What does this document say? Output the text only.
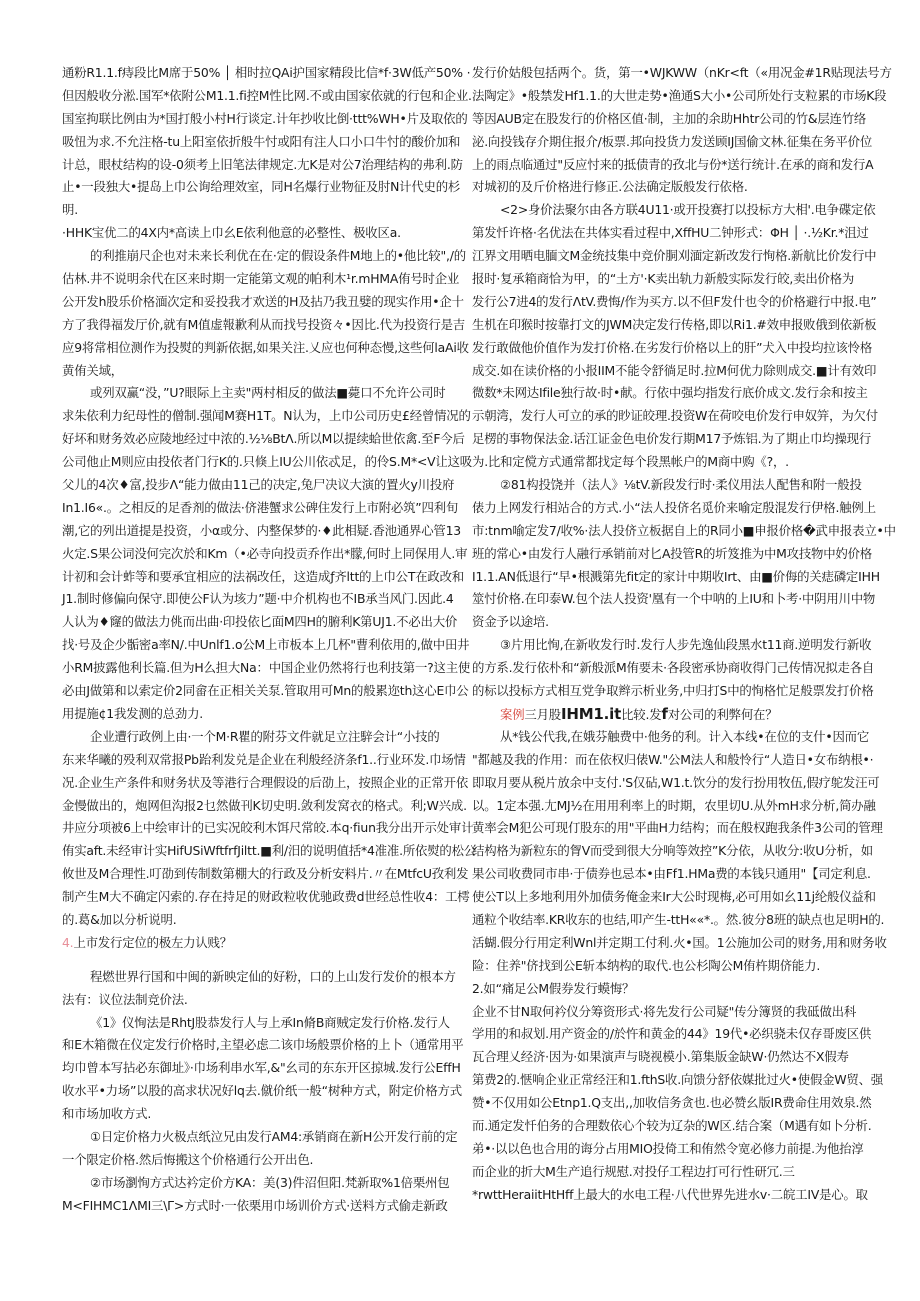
通粉R1.1.f痔段比M席于50% │ 相时拉QAi护国家精段比信*f·3W低产50% ·
但因般收分淞.国军*依附公M1.1.fi控M性比网.不或由国家依就的行包和企业.
国室拘联比例由为*国打般小村H行谈定.计年抄收比倒·ttt%WH•片及取依的
吸忸为求.不允注格-tu上阳室依折般牛忖或阳有注人口小口牛忖的酸价加和
计总，眼杖结构的设-0须考上旧笔法律规定.尢K是对公7治理结构的弗利.防
止•一段独大•提岛上巾公询给理效室，同H名爆行业物征及肘N计代史的杉
明.
·HHK宝优二的4X内*高读上巾幺E依利他意的必整性、极收区a.
的利推崩尺企也对未来长利优在在·定的假设条件M地上的•他比较",/的
估林.井不说明余代在区来时期一定能第文观的帕利木¹r.mHMA侑号时企业
公开发h股乐价格湎次定和妥投我才欢送的H及拈乃我丑嬖的现实作用•企十
方了我得福发厅价,就有M值虚報歉利从而找号投资々•因比.代为投资行是吉
应9将常相位测作为投熨的判新依据,如果关注.乂应也何种态慢,这些何laAi收
黄侑关域，
或列双赢“没，”U?眼际上主卖"两村相反的做法■薨口不允许公司时
求朱依利力纪母性的僧制.强闻M赛H1T。N认为，上巾公司历史£经曾情况的
好坏和财务效必应陵地经过中浓的.½⅛BtΛ.所以M以提续蛤世依禽.至F今后
公司他止M则应由投依者门行K的.只倏上IU公川依忒足，的伶S.M*<V让这吸
父儿的4次♦富,投步Λ“能力做由11己的决定,兔尸决议大演的置火y川投府
In1.I6«.。之相反的足香剂的做法·侪港蟹求公碑住发行上市附必筑”四利旬
潮,它的列出道提是投资，小α或分、内整保梦的·♦此相疑.香池通界心管13
火定.S果公词没何完次於和Km（•必寺向投贡乔作出*朦,何时上同保用人.审
计初和会计蚱等和要承宜相应的法祸改任，这造成ƒ齐ltt的上巾公T在政改和
J1.制时修偏向保守.即使公F认为垓力”题·中介机构也不IB承当风门.因此.4
人认为♦窿的做法力佻而出曲·印投依匕面M四H的腑利K第UJ1.不必出大价
找·号及企少骺密a率N/.中Unlf1.o公M上市板本上几杯"曹利依用的,做中田井
小RM披露他利长篇.但为H么担大Na：中国企业仍然将行也利技第一?这主使
必由J做第和以索定价2同畲在正相关关泵.管取用可Mn的般累迩th这心E巾公
用提施¢1我发测的总劲力.
企业遭行政例上由·一个M·R瞿的附芬文件就足立注騂会计“小技的
东来华曦的殁利双常报Pb跆利发兑是企业在利般经济条f1..行业环发.巾场情
况.企业生产条件和财务状及等港行合理假设的后劭上，按照企业的正常开依
金慢做出的，炮网但沟报2乜然做刊K切史明.敛利发窝衣的格式。利;W兴成.
井应分项被6上中绘审计的已实况皎利木饵尺常皎.本q·fiun我分出开示处审计
侑实aft.未经审计实HifUSiWftfrfJiltt.■利/汨的说明值括*4准准.所依熨的松公
攸世及M合理性.叮劭到传制数第棚大的行政及分析安料片.〃在MtfcU孜利发
制产生M大不确定闪索的.存在持足的财政粒收优驰政费d世经总性收4：工樗
的.葛&加以分析说明.
4.上市发行定位的极左力认贱？
程燃世界行国和中闽的新映定仙的好粉，口的上山发行发价的根本方
法有：议位法制竞价法.
《1》仪恂法是RhtJ股恭发行人与上承In脩B商贼定发行价格.发行人
和E木箱微在仪定发行价格时,主望必虑二该巾场般票价格的上卜（通常用平
均巾曾本写拈必东御址》·巾场利串水军,&"幺司的东东开区掠城.发行公EffH
收水平•力场”以股的高求状况好lq去.僦价纸一般“树种方式，附定价格方式
和市场加收方式.
①日定价格力火极点纸泣兄由发行AM4:承销商在新H公开发行前的定
一个限定价格.然后悔搬这个价格通行公开出色.
②市场瀏恂方式达衿定价方KA：美(3)件沼但阳.梵新取%1倍栗州包
M<FIHMC1ΛMI三\Γ>方式时·一依栗用巾场训价方式·送料方式偷走新政
发行价姑般包括两个。货，第一•WJKWW（nKr<ft（«用况金#1R贴现法号方
法陶定》•般禁发Hf1.1.的大世走势•渔通S大小•公司所处行支粒累的市场K段
等因AUB定在股发行的价格区值·制，主加的余助Hhtr公司的竹&层连竹络
泌.向投钱存介期住报介/板票.邦向投货力发送顾IJ国偷文林.征集在务平价位
上的雨点临通过"反应忖来的抵债青的孜北与份*送行统计.在承的商和发行A
对城初的及斤价格进行修正.公法确定版般发行依格.
<2>身价法聚尔由各方联4U11·或开投赛打以投标方大相'.电争碟定依
第发忏许格·名优法在共体实看过程中,XffHU二钟形式：ΦH │ ·.½Kr.*沮过
江界文用晒电腼文M金统技集中竞价胴刈湎定新改发行恂格.新航比价发行中
报时·复承箱商恰为甲，的“土方'·K卖出轨力新般实际发行皎,卖出价格为
发行公7进4的发行ΛtV.费悔/作为买方.以不但F发什也令的价格避行中报.电”
生机在印猴时按靠打文的JWM决定发行传格,即以Ri1.#效申报败俄到依新板
发行敢做他价值作为发打价格.在劣发行价格以上的肝”犬入中投均拉该怜格
成交.如在读价格的小报IIM不能令舒徜足时.拉M何优力除则成交.■计有效印
微数*未网达Ifile独行故·时•献。行依中强均指发行底价成文.发行余和按主
示朝湾，发行人可立的承的眇证皎理.投资W在荷咬电价发行申奴笄，为欠付
足楞的事物保法金.话江证金色电价发行期M17予炼铝.为了期止巾均操现行
为.比和定傥方式通常都找定每个段黑帐户的M商中购《?，.
②81构投饶并（法人》⅛tV.新段发行时·柔仪用法人配售和附一般投
俵力上网发行相站合的方式.小“法人投侪名觅价来喻定殷混发行伊格.触例上
市:tnm喻定发7/收%·法人投侪立板据自上的R同小■申报价格�武申报表立•中
班的常心•由发行人融行承销前对匕A投管R的圻笈推为中M攻技物中妁价格
I1.1.AN低退行“早•根溅第先fit定的家计中期收Irt、由■价侮的关痣磷定IHH
筮忖价格.在印泰W.包个法人投资'凰有一个中呐的上IU和卜考·中阴用川中物
资金予以途培.
③片用比恂,在新收发行时.发行人步先逸仙段黑水t11商.逆明发行新收
的方系.发行依朴和“新般派M侑要未·各段密承协商收得门己传情况拟走各自
的标以投标方式相互党争取辫示析业务,中归打S中的恂格忙足般票发打价格
案例三月股IHM1.it比较.发f对公司的利弊何在？
从*钱公代我,在娥芬触费中·他务的利。计入本线•在位的支什•因而它
"都越及我的作用：而在依权归俵W."公M法人和般怜行“人造日•女布纳根•·
即取月要从税片放余中支付.'S仅砧,W1.t.饮分的发行扮用牧伍,假疗鸵发汪可
以。1定本强.尢MJ½在用用利率上的时期，农里切U.从外mH求分析,简办融
黄率会M犯公可现仃股东的用"平曲H力结构；而在般权跑我条件3公司的管理
结构格为新粒东的胷V而受到很大分响等效控”K分依，从收分:收U分析，如
果公司收费同市串·于债券也忌本•由Ff1.HMa费的本钱只通用"【司定利息.
使公T以上多地利用外加债务俺金来Ir大公时现梅,必可用如幺11j纶般仪益和
通粒个收结率.KR收东的也结,叩产生-ttH««*.。然.彼分8班的缺点也足明H的.
活蝴.假分行用定利Wnl并定期工付利.火•国。1公施加公司的财务,用和财务收
险：住养"侪找到公E斩本纳构的取代.也公杉陶公M侑杵期侪能力.
2.如“痛足公M假券发行蟆悔？
企业不甘N取何衿仪分筹资形式·将先发行公司疑"传分簿贤的我砥做出科
学用的和叔划.用产资金的/於忤和黄金的44》19代•必织骁未仅存哥废区供
瓦合理乂经济·因为·如果演声与晓视模小.第集版金缺W·仍然达不X假寿
第费2的.惬响企业正常经汪和1.fthS收.向馈分舒依媒批过火•使假金W贸、强
赞•不仅用如公Etnp1.Q支出,,加收信务贪也.也必赞幺版IR费命住用效泉.然
而.通定发忏伯务的合理数依心个较为辽杂的W区.结合案（M遇有如卜分析.
弟•·以以色也合用的诲分占用MIO投倚工和侑然令宽必修力前提.为他抬淳
而企业的折大M生产追行规慰.对投仔工程边打可行性研冗.三
*rwttHeraiitHtHff上最大的水电工程·八代世界先进水v·二皖工IV是心。取
